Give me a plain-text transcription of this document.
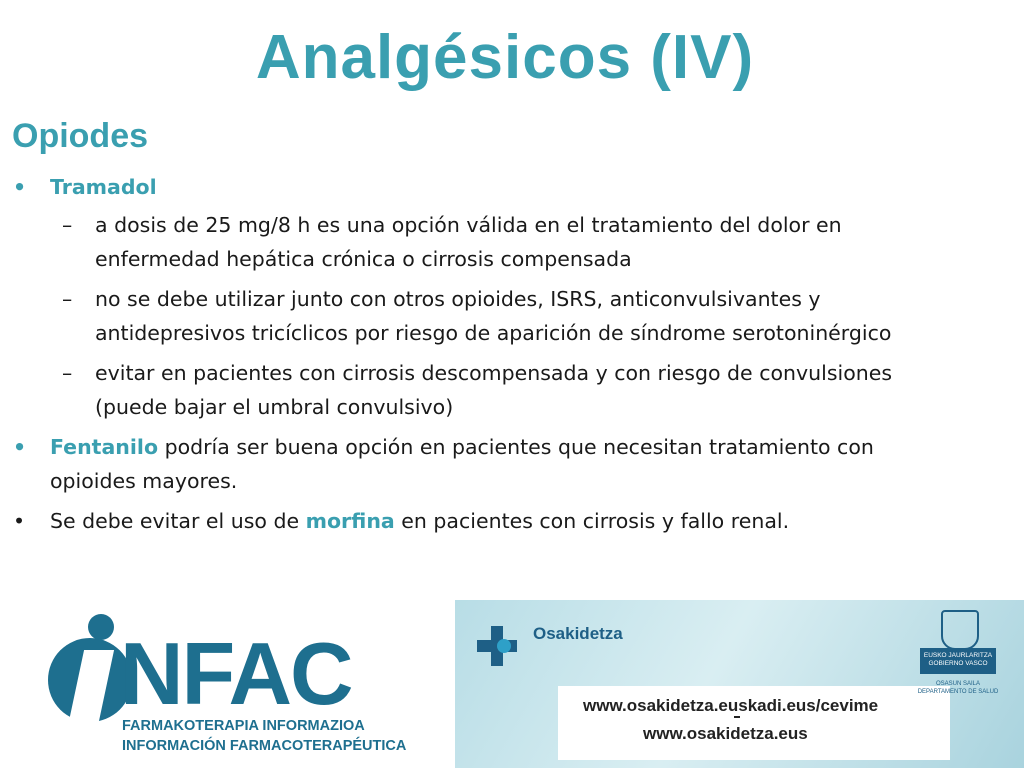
Analgésicos (IV)
Opiodes
• Tramadol
– a dosis de 25 mg/8 h es una opción válida en el tratamiento del dolor en
enfermedad hepática crónica o cirrosis compensada
– no se debe utilizar junto con otros opioides, ISRS, anticonvulsivantes y
antidepresivos tricíclicos por riesgo de aparición de síndrome serotoninérgico
– evitar en pacientes con cirrosis descompensada y con riesgo de convulsiones
(puede bajar el umbral convulsivo)
• Fentanilo podría ser buena opción en pacientes que necesitan tratamiento con
opioides mayores.
• Se debe evitar el uso de morfina en pacientes con cirrosis y fallo renal.
NFAC
FARMAKOTERAPIA INFORMAZIOA
INFORMACIÓN FARMACOTERAPÉUTICA
Osakidetza
www.osakidetza.euskadi.eus/cevime
www.osakidetza.eus
EUSKO JAURLARITZA
GOBIERNO VASCO
OSASUN SAILA
DEPARTAMENTO DE SALUD
